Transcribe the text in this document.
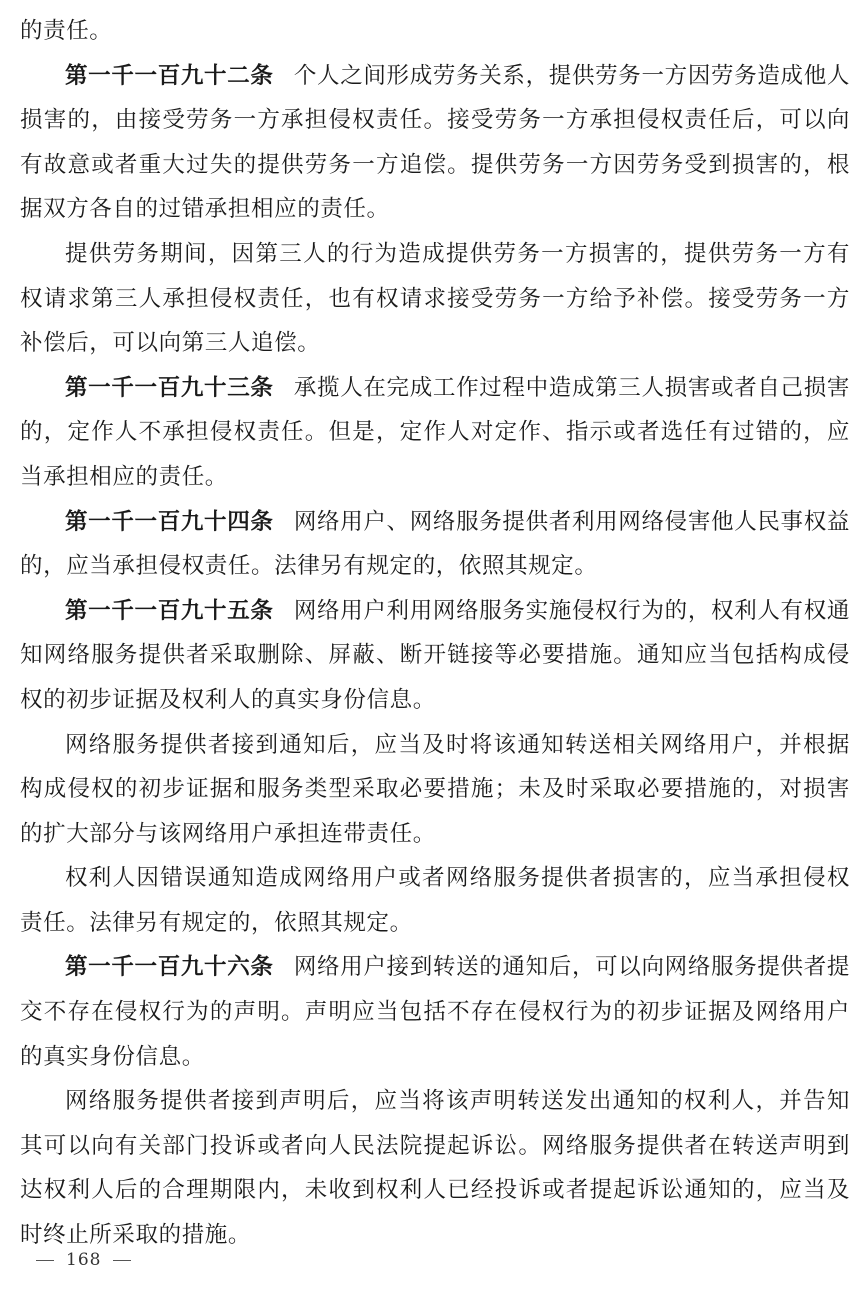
的责任。

第一千一百九十二条 个人之间形成劳务关系，提供劳务一方因劳务造成他人损害的，由接受劳务一方承担侵权责任。接受劳务一方承担侵权责任后，可以向有故意或者重大过失的提供劳务一方追偿。提供劳务一方因劳务受到损害的，根据双方各自的过错承担相应的责任。

提供劳务期间，因第三人的行为造成提供劳务一方损害的，提供劳务一方有权请求第三人承担侵权责任，也有权请求接受劳务一方给予补偿。接受劳务一方补偿后，可以向第三人追偿。

第一千一百九十三条 承揽人在完成工作过程中造成第三人损害或者自己损害的，定作人不承担侵权责任。但是，定作人对定作、指示或者选任有过错的，应当承担相应的责任。

第一千一百九十四条 网络用户、网络服务提供者利用网络侵害他人民事权益的，应当承担侵权责任。法律另有规定的，依照其规定。

第一千一百九十五条 网络用户利用网络服务实施侵权行为的，权利人有权通知网络服务提供者采取删除、屏蔽、断开链接等必要措施。通知应当包括构成侵权的初步证据及权利人的真实身份信息。

网络服务提供者接到通知后，应当及时将该通知转送相关网络用户，并根据构成侵权的初步证据和服务类型采取必要措施；未及时采取必要措施的，对损害的扩大部分与该网络用户承担连带责任。

权利人因错误通知造成网络用户或者网络服务提供者损害的，应当承担侵权责任。法律另有规定的，依照其规定。

第一千一百九十六条 网络用户接到转送的通知后，可以向网络服务提供者提交不存在侵权行为的声明。声明应当包括不存在侵权行为的初步证据及网络用户的真实身份信息。

网络服务提供者接到声明后，应当将该声明转送发出通知的权利人，并告知其可以向有关部门投诉或者向人民法院提起诉讼。网络服务提供者在转送声明到达权利人后的合理期限内，未收到权利人已经投诉或者提起诉讼通知的，应当及时终止所采取的措施。

168
